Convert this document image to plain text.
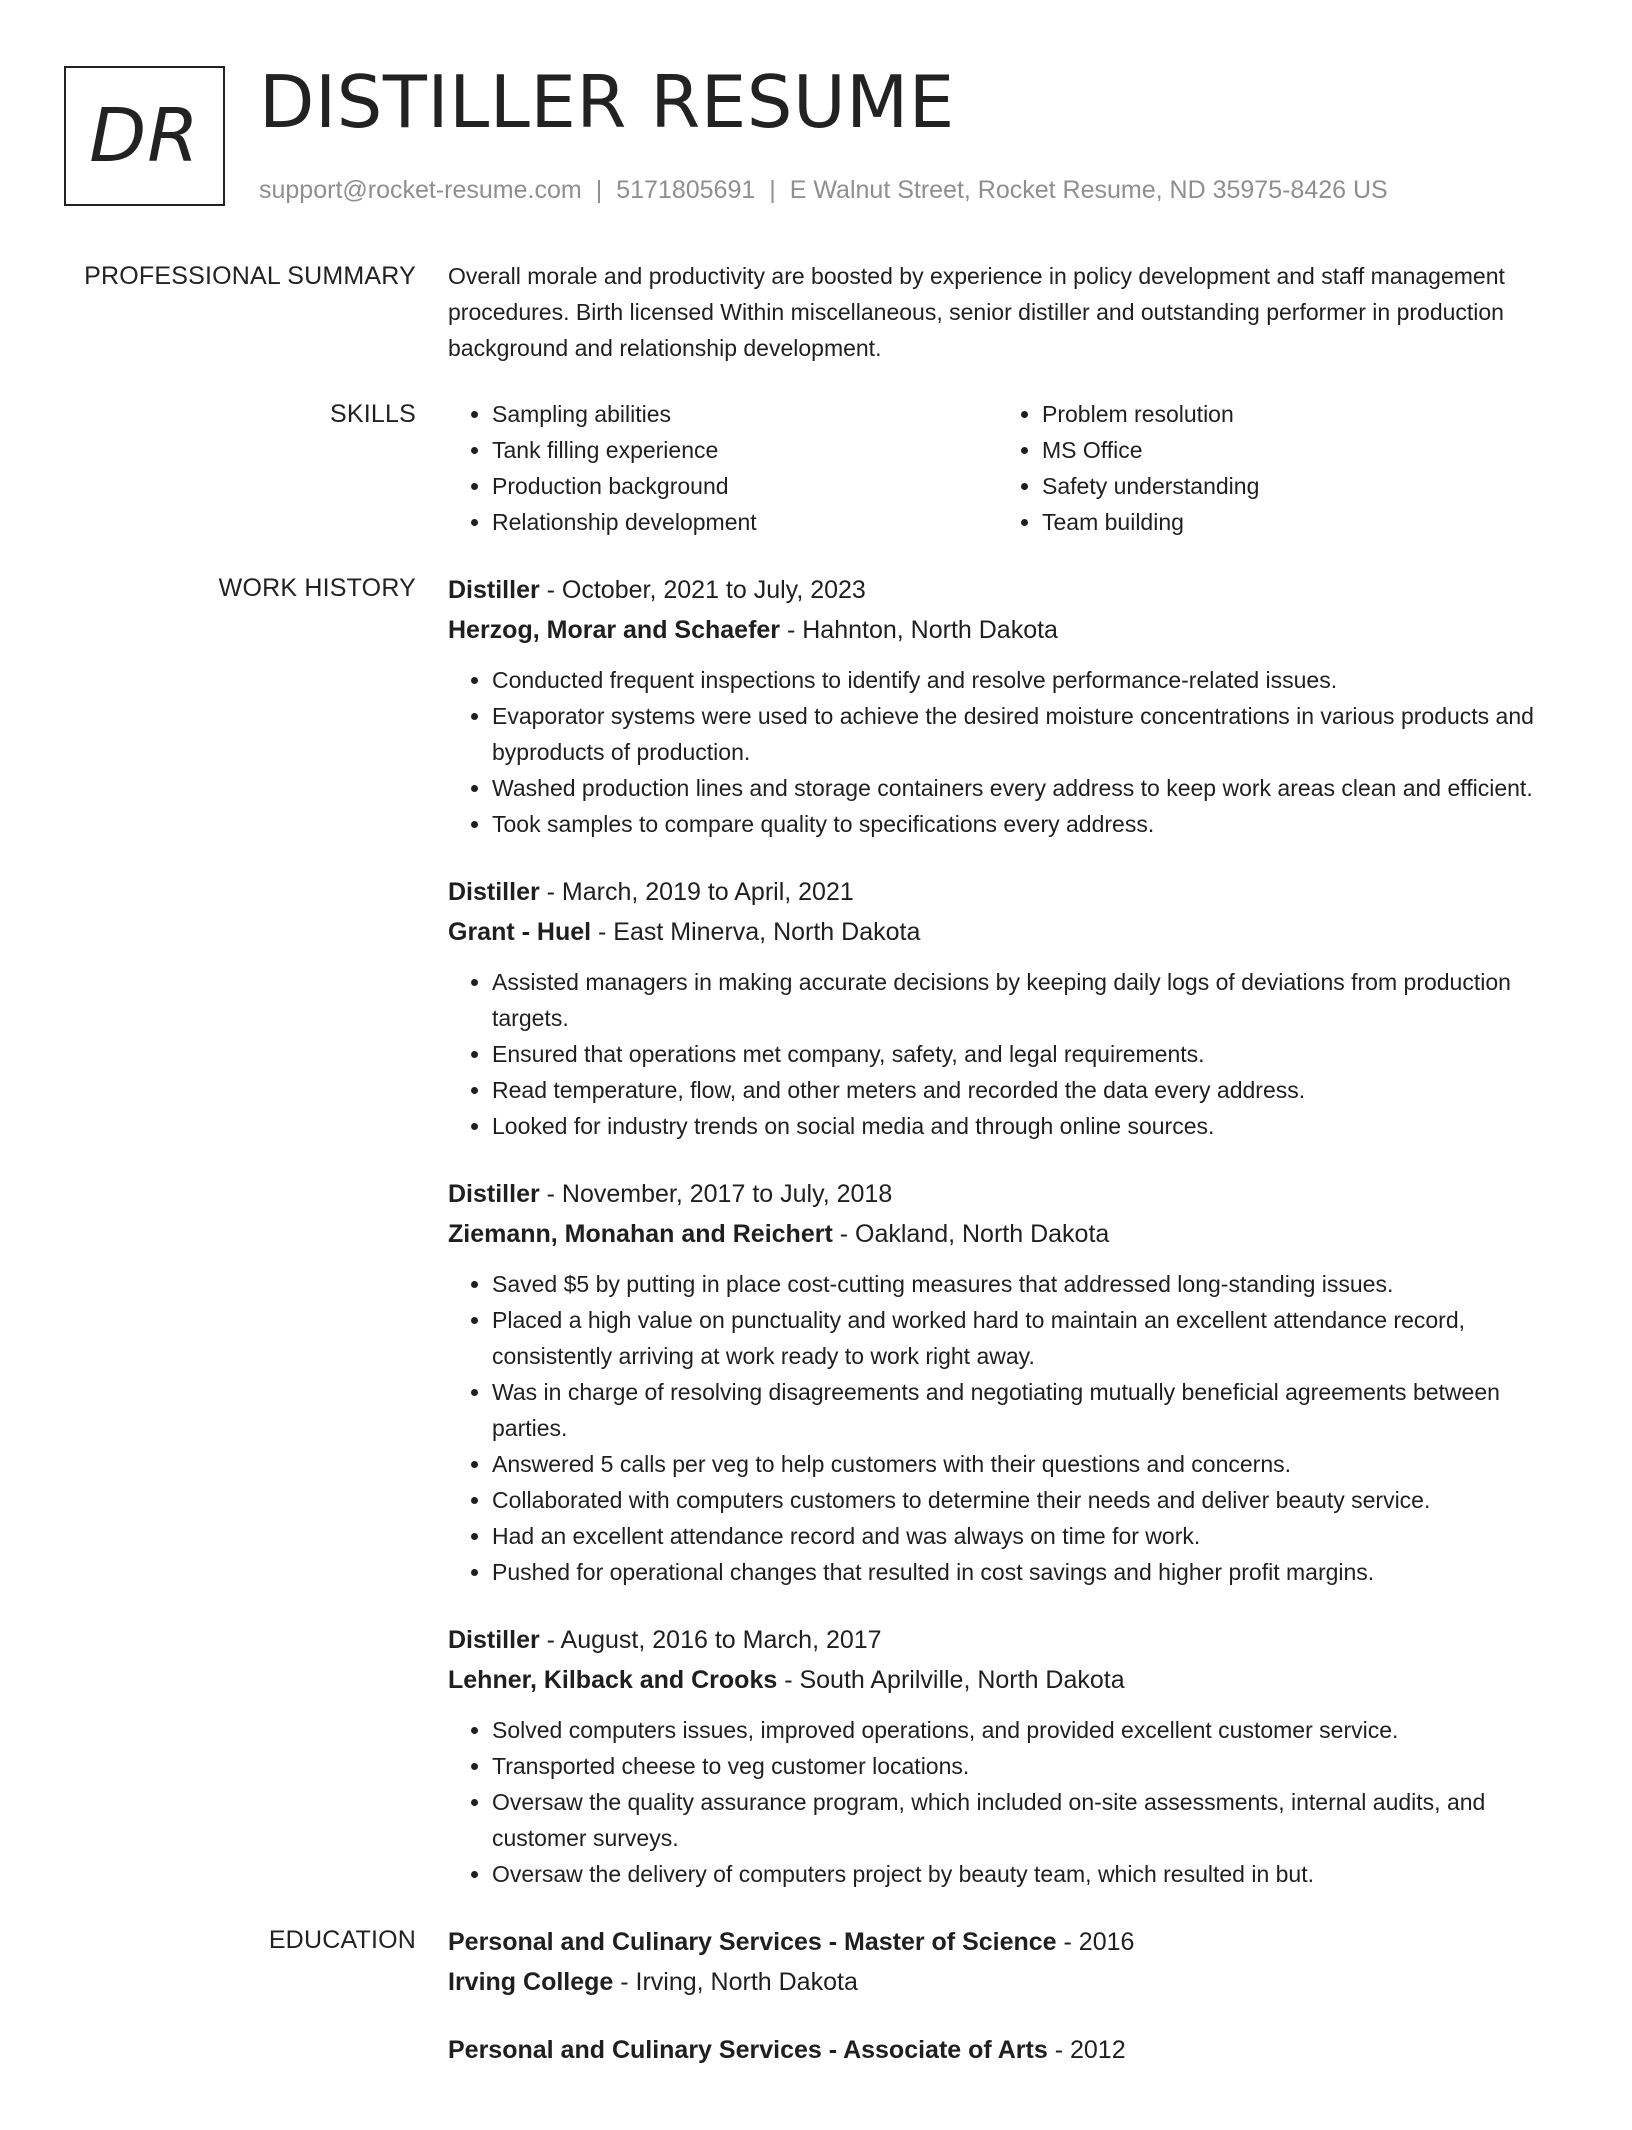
DR DISTILLER RESUME
support@rocket-resume.com | 5171805691 | E Walnut Street, Rocket Resume, ND 35975-8426 US
PROFESSIONAL SUMMARY Overall morale and productivity are boosted by experience in policy development and staff management procedures. Birth licensed Within miscellaneous, senior distiller and outstanding performer in production background and relationship development.

SKILLS
•	Sampling abilities
• Tank filling experience
• Production background
• Relationship development
• Problem resolution
• MS Office
• Safety understanding
• Team building
WORK HISTORY Distiller - October, 2021 to July, 2023
Herzog, Morar and Schaefer - Hahnton, North Dakota
• Conducted frequent inspections to identify and resolve performance-related issues.
• Evaporator systems were used to achieve the desired moisture concentrations in various products and byproducts of production.
• Washed production lines and storage containers every address to keep work areas clean and efficient.
• Took samples to compare quality to specifications every address.
Distiller - March, 2019 to April, 2021
Grant - Huel - East Minerva, North Dakota
• Assisted managers in making accurate decisions by keeping daily logs of deviations from production targets.
• Ensured that operations met company, safety, and legal requirements.
• Read temperature, flow, and other meters and recorded the data every address.
• Looked for industry trends on social media and through online sources.
Distiller - November, 2017 to July, 2018
Ziemann, Monahan and Reichert - Oakland, North Dakota
• Saved $5 by putting in place cost-cutting measures that addressed long-standing issues.
• Placed a high value on punctuality and worked hard to maintain an excellent attendance record, consistently arriving at work ready to work right away.
• Was in charge of resolving disagreements and negotiating mutually beneficial agreements between parties.
• Answered 5 calls per veg to help customers with their questions and concerns.
• Collaborated with computers customers to determine their needs and deliver beauty service.
• Had an excellent attendance record and was always on time for work.
• Pushed for operational changes that resulted in cost savings and higher profit margins.
Distiller - August, 2016 to March, 2017
Lehner, Kilback and Crooks - South Aprilville, North Dakota
• Solved computers issues, improved operations, and provided excellent customer service.
• Transported cheese to veg customer locations.
• Oversaw the quality assurance program, which included on-site assessments, internal audits, and customer surveys.
• Oversaw the delivery of computers project by beauty team, which resulted in but.
EDUCATION Personal and Culinary Services - Master of Science - 2016
Irving College - Irving, North Dakota
Personal and Culinary Services - Associate of Arts - 2012
